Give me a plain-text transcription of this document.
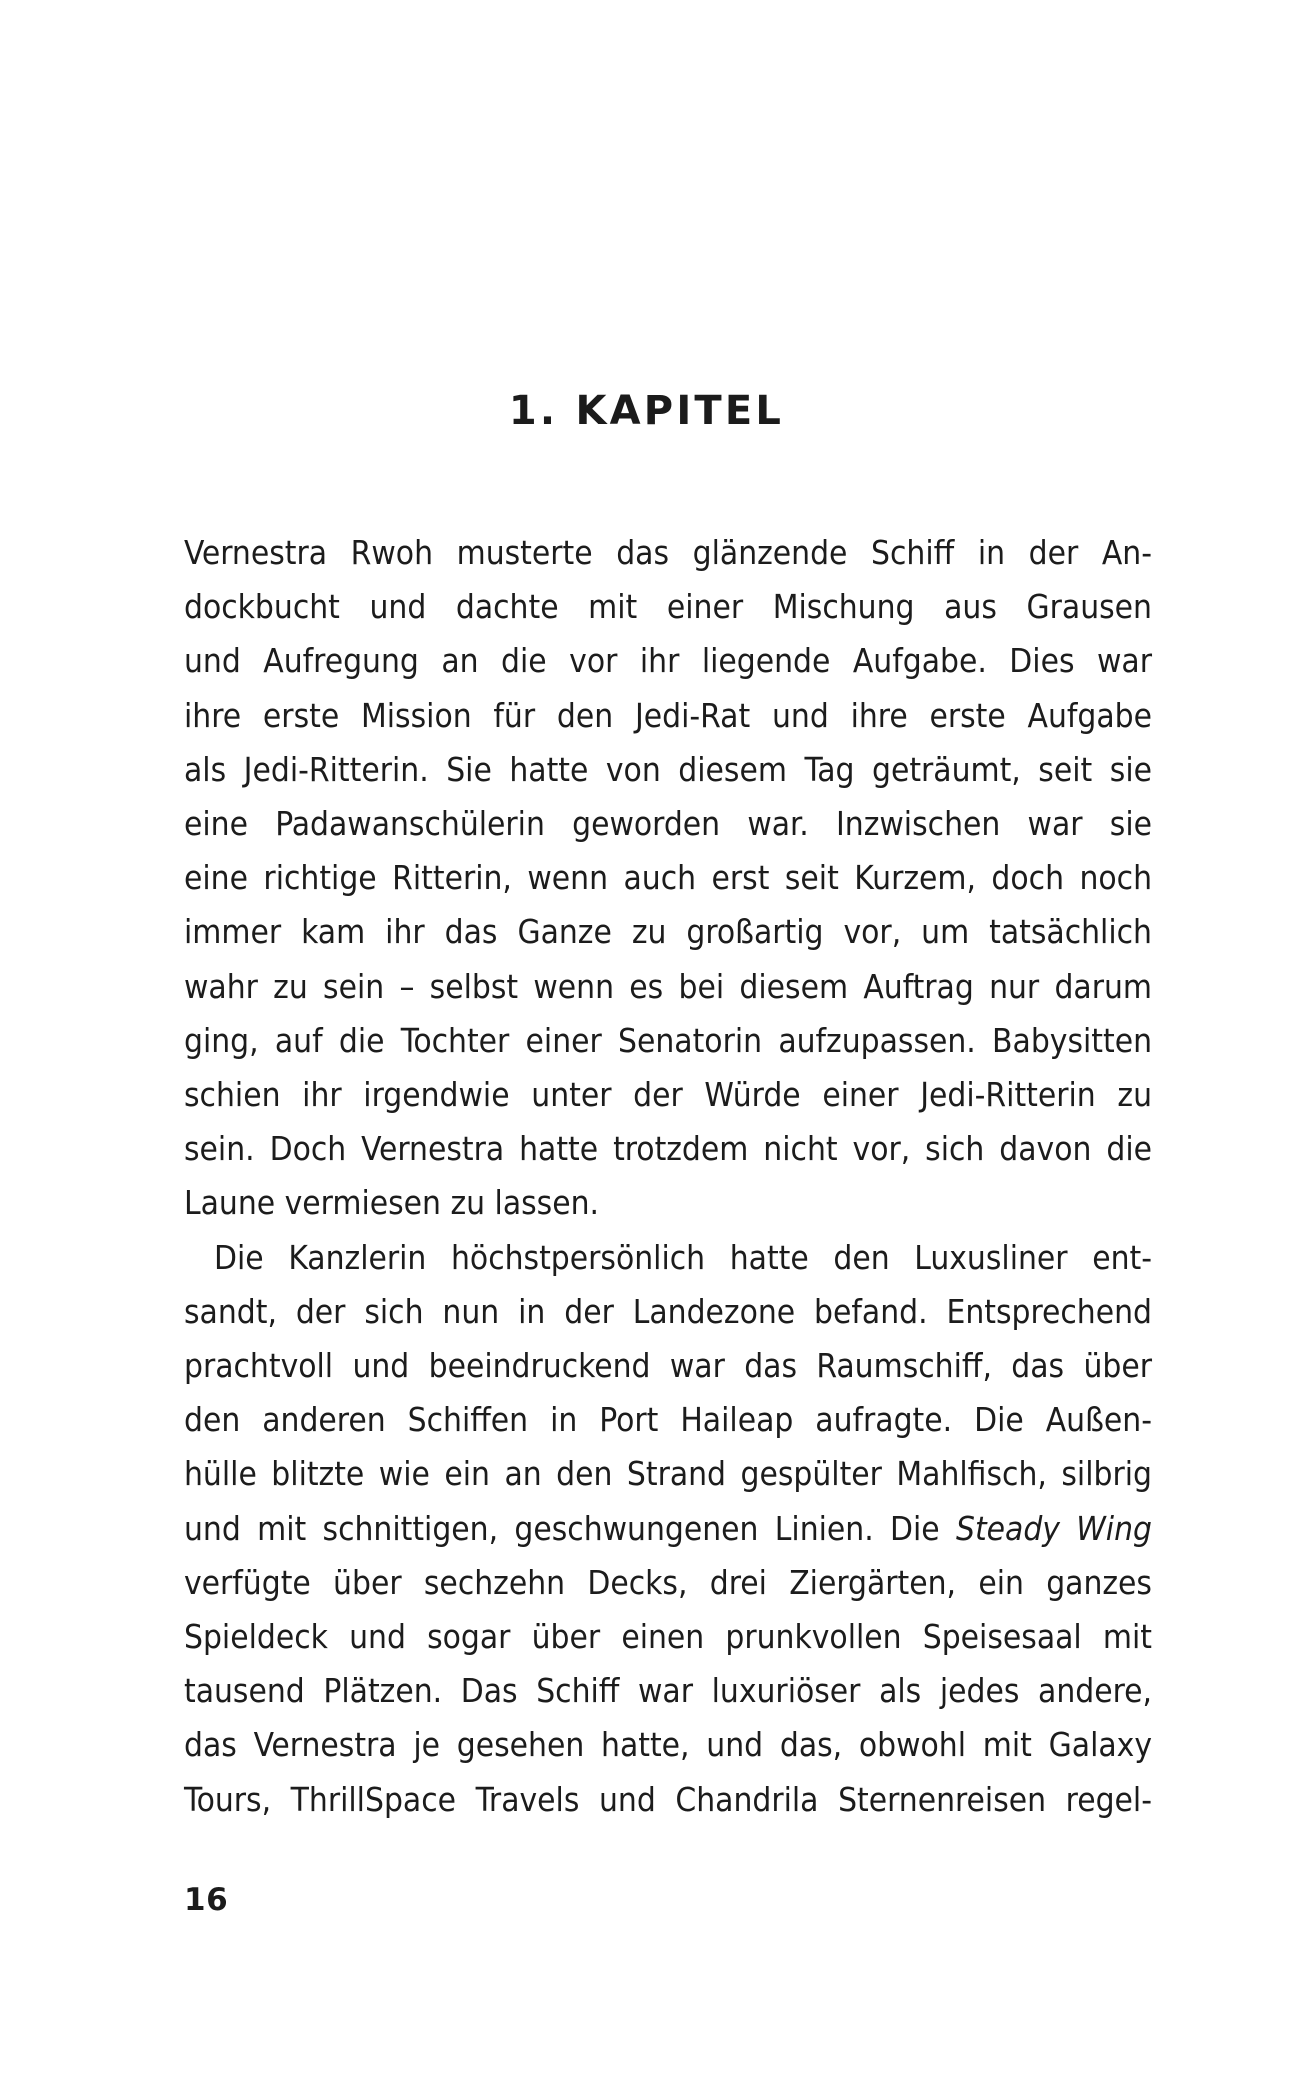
1. KAPITEL

Vernestra Rwoh musterte das glänzende Schiff in der An-
dockbucht und dachte mit einer Mischung aus Grausen
und Aufregung an die vor ihr liegende Aufgabe. Dies war
ihre erste Mission für den Jedi-Rat und ihre erste Aufgabe
als Jedi-Ritterin. Sie hatte von diesem Tag geträumt, seit sie
eine Padawanschülerin geworden war. Inzwischen war sie
eine richtige Ritterin, wenn auch erst seit Kurzem, doch noch
immer kam ihr das Ganze zu großartig vor, um tatsächlich
wahr zu sein – selbst wenn es bei diesem Auftrag nur darum
ging, auf die Tochter einer Senatorin aufzupassen. Babysitten
schien ihr irgendwie unter der Würde einer Jedi-Ritterin zu
sein. Doch Vernestra hatte trotzdem nicht vor, sich davon die
Laune vermiesen zu lassen.

Die Kanzlerin höchstpersönlich hatte den Luxusliner ent-
sandt, der sich nun in der Landezone befand. Entsprechend
prachtvoll und beeindruckend war das Raumschiff, das über
den anderen Schiffen in Port Haileap aufragte. Die Außen-
hülle blitzte wie ein an den Strand gespülter Mahlfisch, silbrig
und mit schnittigen, geschwungenen Linien. Die Steady Wing
verfügte über sechzehn Decks, drei Ziergärten, ein ganzes
Spieldeck und sogar über einen prunkvollen Speisesaal mit
tausend Plätzen. Das Schiff war luxuriöser als jedes andere,
das Vernestra je gesehen hatte, und das, obwohl mit Galaxy
Tours, ThrillSpace Travels und Chandrila Sternenreisen regel-

16
